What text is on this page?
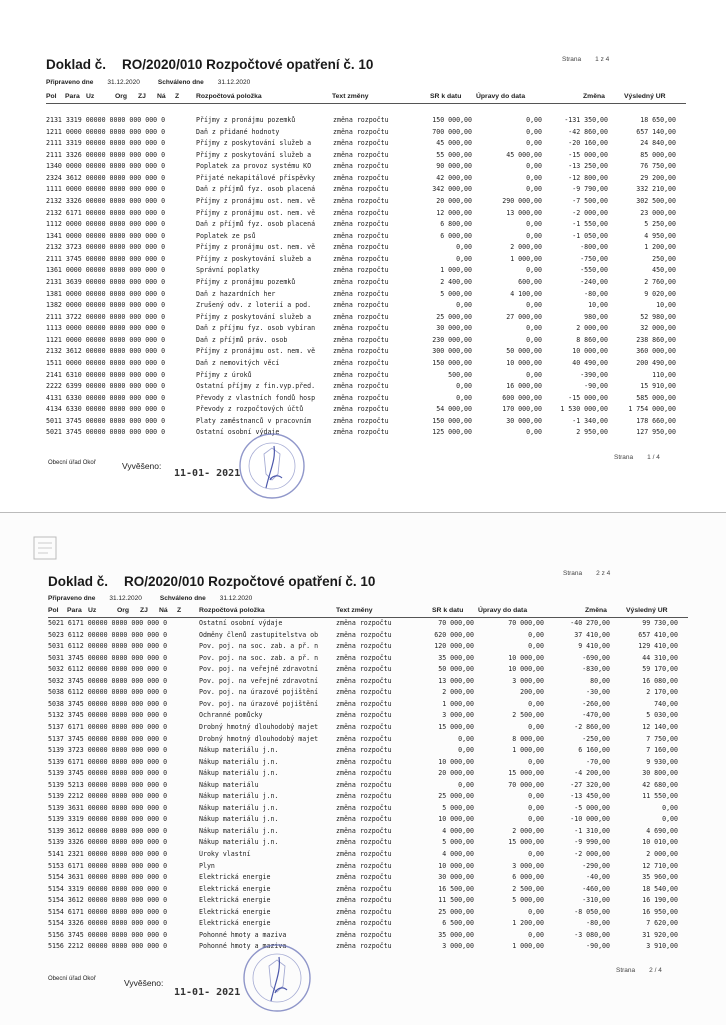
Doklad č. RO/2020/010 Rozpočtové opatření č. 10	Strana 1 z 4
Připraveno dne 31.12.2020	Schváleno dne 31.12.2020
Pol Para Uz	Org ZJ Ná Z Rozpočtová položka	Text změny	SR k datu Úpravy do data	Změna	Výsledný UR
2131 3319 00000 0000 000 000 0	Příjmy z pronájmu pozemků	změna rozpočtu	150 000,00	0,00	-131 350,00	18 650,00
1211 0000 00000 0000 000 000 0	Daň z přidané hodnoty	změna rozpočtu	700 000,00	0,00	-42 860,00	657 140,00
2111 3319 00000 0000 000 000 0	Příjmy z poskytování služeb a	změna rozpočtu	45 000,00	0,00	-20 160,00	24 840,00
2111 3326 00000 0000 000 000 0	Příjmy z poskytování služeb a	změna rozpočtu	55 000,00	45 000,00	-15 000,00	85 000,00
1340 0000 00000 0000 000 000 0	Poplatek za provoz systému KO	změna rozpočtu	90 000,00	0,00	-13 250,00	76 750,00
2324 3612 00000 0000 000 000 0	Přijaté nekapitálové příspěvky	změna rozpočtu	42 000,00	0,00	-12 800,00	29 200,00
1111 0000 00000 0000 000 000 0	Daň z příjmů fyz. osob placená	změna rozpočtu	342 000,00	0,00	-9 790,00	332 210,00
2132 3326 00000 0000 000 000 0	Příjmy z pronájmu ost. nem. vě	změna rozpočtu	20 000,00	290 000,00	-7 500,00	302 500,00
2132 6171 00000 0000 000 000 0	Příjmy z pronájmu ost. nem. vě	změna rozpočtu	12 000,00	13 000,00	-2 000,00	23 000,00
1112 0000 00000 0000 000 000 0	Daň z příjmů fyz. osob placená	změna rozpočtu	6 800,00	0,00	-1 550,00	5 250,00
1341 0000 00000 0000 000 000 0	Poplatek ze psů	změna rozpočtu	6 000,00	0,00	-1 050,00	4 950,00
2132 3723 00000 0000 000 000 0	Příjmy z pronájmu ost. nem. vě	změna rozpočtu	0,00	2 000,00	-800,00	1 200,00
2111 3745 00000 0000 000 000 0	Příjmy z poskytování služeb a	změna rozpočtu	0,00	1 000,00	-750,00	250,00
1361 0000 00000 0000 000 000 0	Správní poplatky	změna rozpočtu	1 000,00	0,00	-550,00	450,00
2131 3639 00000 0000 000 000 0	Příjmy z pronájmu pozemků	změna rozpočtu	2 400,00	600,00	-240,00	2 760,00
1381 0000 00000 0000 000 000 0	Daň z hazardních her	změna rozpočtu	5 000,00	4 100,00	-80,00	9 020,00
1382 0000 00000 0000 000 000 0	Zrušený odv. z loterií a pod.	změna rozpočtu	0,00	0,00	10,00	10,00
2111 3722 00000 0000 000 000 0	Příjmy z poskytování služeb a	změna rozpočtu	25 000,00	27 000,00	980,00	52 980,00
1113 0000 00000 0000 000 000 0	Daň z příjmu fyz. osob vybíran	změna rozpočtu	30 000,00	0,00	2 000,00	32 000,00
1121 0000 00000 0000 000 000 0	Daň z příjmů práv. osob	změna rozpočtu	230 000,00	0,00	8 860,00	238 860,00
2132 3612 00000 0000 000 000 0	Příjmy z pronájmu ost. nem. vě	změna rozpočtu	300 000,00	50 000,00	10 000,00	360 000,00
1511 0000 00000 0000 000 000 0	Daň z nemovitých věcí	změna rozpočtu	150 000,00	10 000,00	40 490,00	200 490,00
2141 6310 00000 0000 000 000 0	Příjmy z úroků	změna rozpočtu	500,00	0,00	-390,00	110,00
2222 6399 00000 0000 000 000 0	Ostatní příjmy z fin.vyp.před.	změna rozpočtu	0,00	16 000,00	-90,00	15 910,00
4131 6330 00000 0000 000 000 0	Převody z vlastních fondů hosp	změna rozpočtu	0,00	600 000,00	-15 000,00	585 000,00
4134 6330 00000 0000 000 000 0	Převody z rozpočtových účtů	změna rozpočtu	54 000,00	170 000,00	1 530 000,00	1 754 000,00
5011 3745 00000 0000 000 000 0	Platy zaměstnanců v pracovním	změna rozpočtu	150 000,00	30 000,00	-1 340,00	178 660,00
5021 3745 00000 0000 000 000 0	Ostatní osobní výdaje	změna rozpočtu	125 000,00	0,00	2 950,00	127 950,00
Obecní úřad Okoř	Vyvěšeno:
11-01- 2021
Strana 1 / 4
Doklad č. RO/2020/010 Rozpočtové opatření č. 10
Strana 2 z 4
Připraveno dne 31.12.2020	Schváleno dne 31.12.2020
Pol Para Uz	Org ZJ Ná Z	Rozpočtová položka	Text změny	SR k datu Úpravy do data	Změna	Výsledný UR
5021 6171 00000 0000 000 000 0	Ostatní osobní výdaje	změna rozpočtu	70 000,00	70 000,00	-40 270,00	99 730,00
5023 6112 00000 0000 000 000 0	Odměny členů zastupitelstva ob	změna rozpočtu	620 000,00	0,00	37 410,00	657 410,00
5031 6112 00000 0000 000 000 0	Pov. poj. na soc. zab. a př. n	změna rozpočtu	120 000,00	0,00	9 410,00	129 410,00
5031 3745 00000 0000 000 000 0	Pov. poj. na soc. zab. a př. n	změna rozpočtu	35 000,00	10 000,00	-690,00	44 310,00
5032 6112 00000 0000 000 000 0	Pov. poj. na veřejné zdravotní	změna rozpočtu	50 000,00	10 000,00	-830,00	59 170,00
5032 3745 00000 0000 000 000 0	Pov. poj. na veřejné zdravotní	změna rozpočtu	13 000,00	3 000,00	80,00	16 080,00
5038 6112 00000 0000 000 000 0	Pov. poj. na úrazové pojištění	změna rozpočtu	2 000,00	200,00	-30,00	2 170,00
5038 3745 00000 0000 000 000 0	Pov. poj. na úrazové pojištění	změna rozpočtu	1 000,00	0,00	-260,00	740,00
5132 3745 00000 0000 000 000 0	Ochranné pomůcky	změna rozpočtu	3 000,00	2 500,00	-470,00	5 030,00
5137 6171 00000 0000 000 000 0	Drobný hmotný dlouhodobý majet	změna rozpočtu	15 000,00	0,00	-2 860,00	12 140,00
5137 3745 00000 0000 000 000 0	Drobný hmotný dlouhodobý majet	změna rozpočtu	0,00	8 000,00	-250,00	7 750,00
5139 3723 00000 0000 000 000 0	Nákup materiálu j.n.	změna rozpočtu	0,00	1 000,00	6 160,00	7 160,00
5139 6171 00000 0000 000 000 0	Nákup materiálu j.n.	změna rozpočtu	10 000,00	0,00	-70,00	9 930,00
5139 3745 00000 0000 000 000 0	Nákup materiálu j.n.	změna rozpočtu	20 000,00	15 000,00	-4 200,00	30 800,00
5139 5213 00000 0000 000 000 0	Nákup materiálu	změna rozpočtu	0,00	70 000,00	-27 320,00	42 680,00
5139 2212 00000 0000 000 000 0	Nákup materiálu j.n.	změna rozpočtu	25 000,00	0,00	-13 450,00	11 550,00
5139 3631 00000 0000 000 000 0	Nákup materiálu j.n.	změna rozpočtu	5 000,00	0,00	-5 000,00	0,00
5139 3319 00000 0000 000 000 0	Nákup materiálu j.n.	změna rozpočtu	10 000,00	0,00	-10 000,00	0,00
5139 3612 00000 0000 000 000 0	Nákup materiálu j.n.	změna rozpočtu	4 000,00	2 000,00	-1 310,00	4 690,00
5139 3326 00000 0000 000 000 0	Nákup materiálu j.n.	změna rozpočtu	5 000,00	15 000,00	-9 990,00	10 010,00
5141 2321 00000 0000 000 000 0	Úroky vlastní	změna rozpočtu	4 000,00	0,00	-2 000,00	2 000,00
5153 6171 00000 0000 000 000 0	Plyn	změna rozpočtu	10 000,00	3 000,00	-290,00	12 710,00
5154 3631 00000 0000 000 000 0	Elektrická energie	změna rozpočtu	30 000,00	6 000,00	-40,00	35 960,00
5154 3319 00000 0000 000 000 0	Elektrická energie	změna rozpočtu	16 500,00	2 500,00	-460,00	18 540,00
5154 3612 00000 0000 000 000 0	Elektrická energie	změna rozpočtu	11 500,00	5 000,00	-310,00	16 190,00
5154 6171 00000 0000 000 000 0	Elektrická energie	změna rozpočtu	25 000,00	0,00	-8 050,00	16 950,00
5154 3326 00000 0000 000 000 0	Elektrická energie	změna rozpočtu	6 500,00	1 200,00	-80,00	7 620,00
5156 3745 00000 0000 000 000 0	Pohonné hmoty a maziva	změna rozpočtu	35 000,00	0,00	-3 080,00	31 920,00
5156 2212 00000 0000 000 000 0	Pohonné hmoty a maziva	změna rozpočtu	3 000,00	1 000,00	-90,00	3 910,00
Obecní úřad Okoř	Vyvěšeno:
11-01- 2021
Strana 2 / 4
